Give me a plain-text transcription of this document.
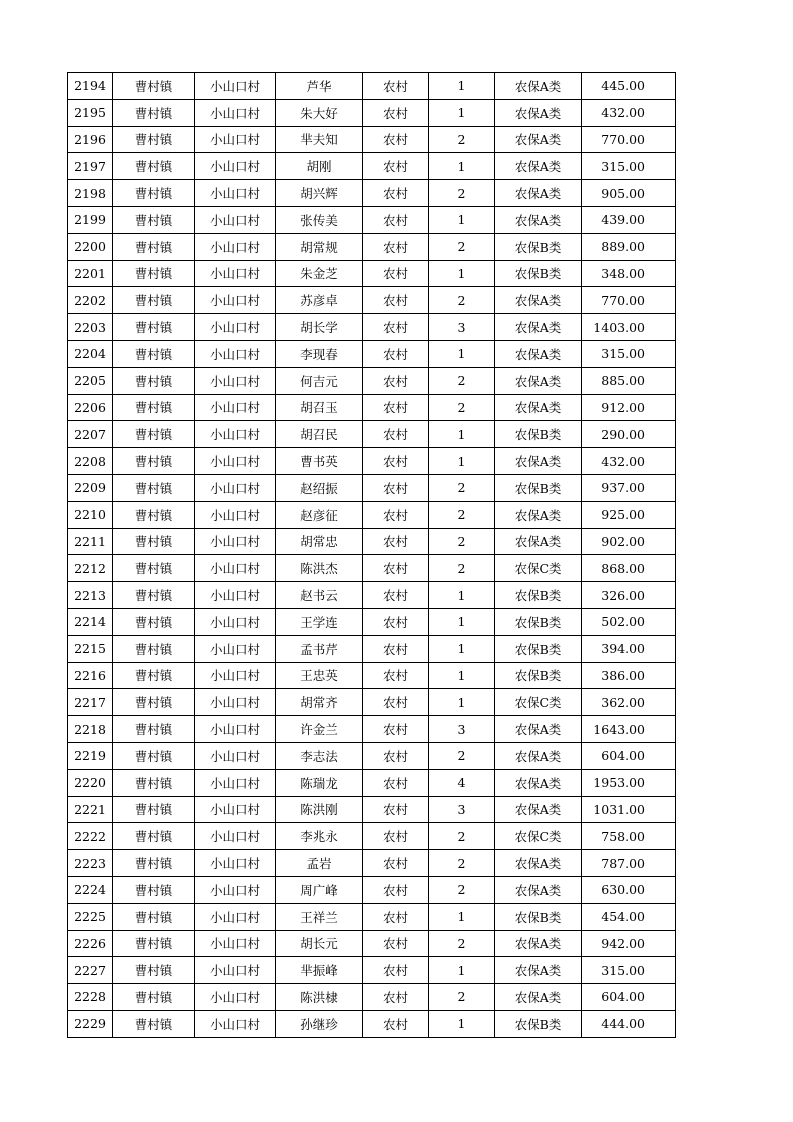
2194	曹村镇	小山口村	芦华	农村	1	农保A类	445.00
2195	曹村镇	小山口村	朱大好	农村	1	农保A类	432.00
2196	曹村镇	小山口村	芈夫知	农村	2	农保A类	770.00
2197	曹村镇	小山口村	胡刚	农村	1	农保A类	315.00
2198	曹村镇	小山口村	胡兴辉	农村	2	农保A类	905.00
2199	曹村镇	小山口村	张传美	农村	1	农保A类	439.00
2200	曹村镇	小山口村	胡常规	农村	2	农保B类	889.00
2201	曹村镇	小山口村	朱金芝	农村	1	农保B类	348.00
2202	曹村镇	小山口村	苏彦卓	农村	2	农保A类	770.00
2203	曹村镇	小山口村	胡长学	农村	3	农保A类	1403.00
2204	曹村镇	小山口村	李现春	农村	1	农保A类	315.00
2205	曹村镇	小山口村	何吉元	农村	2	农保A类	885.00
2206	曹村镇	小山口村	胡召玉	农村	2	农保A类	912.00
2207	曹村镇	小山口村	胡召民	农村	1	农保B类	290.00
2208	曹村镇	小山口村	曹书英	农村	1	农保A类	432.00
2209	曹村镇	小山口村	赵绍振	农村	2	农保B类	937.00
2210	曹村镇	小山口村	赵彦征	农村	2	农保A类	925.00
2211	曹村镇	小山口村	胡常忠	农村	2	农保A类	902.00
2212	曹村镇	小山口村	陈洪杰	农村	2	农保C类	868.00
2213	曹村镇	小山口村	赵书云	农村	1	农保B类	326.00
2214	曹村镇	小山口村	王学连	农村	1	农保B类	502.00
2215	曹村镇	小山口村	孟书芹	农村	1	农保B类	394.00
2216	曹村镇	小山口村	王忠英	农村	1	农保B类	386.00
2217	曹村镇	小山口村	胡常齐	农村	1	农保C类	362.00
2218	曹村镇	小山口村	许金兰	农村	3	农保A类	1643.00
2219	曹村镇	小山口村	李志法	农村	2	农保A类	604.00
2220	曹村镇	小山口村	陈瑞龙	农村	4	农保A类	1953.00
2221	曹村镇	小山口村	陈洪刚	农村	3	农保A类	1031.00
2222	曹村镇	小山口村	李兆永	农村	2	农保C类	758.00
2223	曹村镇	小山口村	孟岩	农村	2	农保A类	787.00
2224	曹村镇	小山口村	周广峰	农村	2	农保A类	630.00
2225	曹村镇	小山口村	王祥兰	农村	1	农保B类	454.00
2226	曹村镇	小山口村	胡长元	农村	2	农保A类	942.00
2227	曹村镇	小山口村	芈振峰	农村	1	农保A类	315.00
2228	曹村镇	小山口村	陈洪棣	农村	2	农保A类	604.00
2229	曹村镇	小山口村	孙继珍	农村	1	农保B类	444.00
